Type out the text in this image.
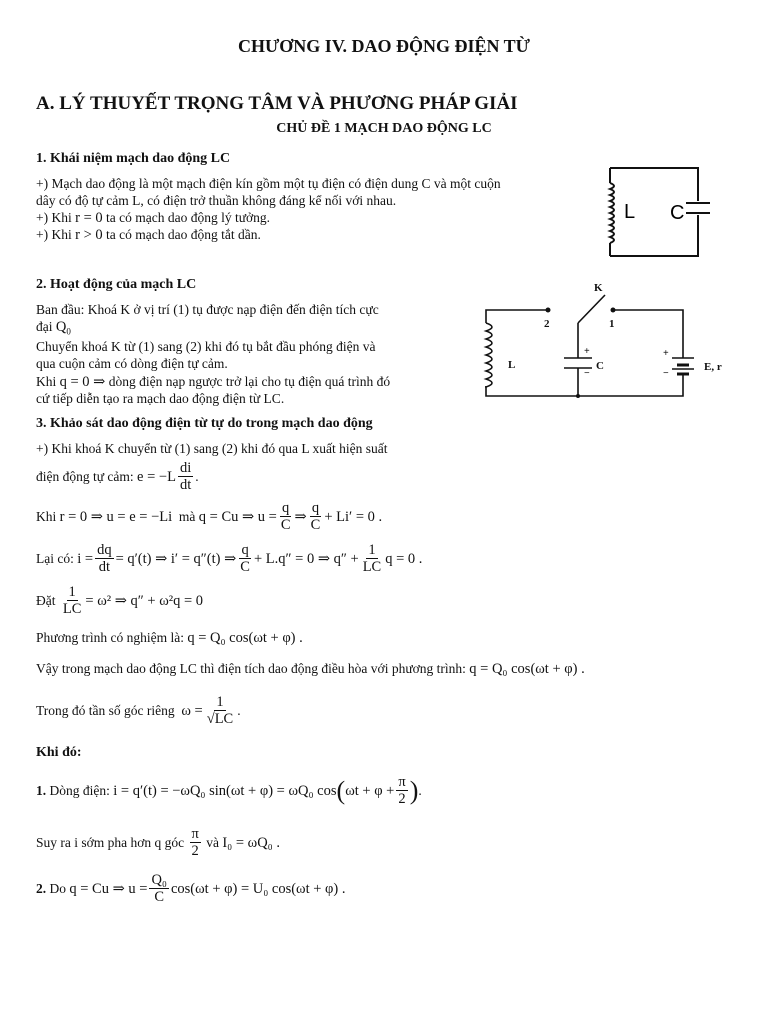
CHƯƠNG IV. DAO ĐỘNG ĐIỆN TỪ
A. LÝ THUYẾT TRỌNG TÂM VÀ PHƯƠNG PHÁP GIẢI
CHỦ ĐỀ 1 MẠCH DAO ĐỘNG LC
1. Khái niệm mạch dao động LC
+) Mạch dao động là một mạch điện kín gồm một tụ điện có điện dung C và một cuộn
dây có độ tự cảm L, có điện trở thuần không đáng kể nối với nhau.
+) Khi r = 0 ta có mạch dao động lý tưởng.
+) Khi r > 0 ta có mạch dao động tắt dần.
L C
2. Hoạt động của mạch LC
Ban đầu: Khoá K ở vị trí (1) tụ được nạp điện đến điện tích cực
đại $Q_0$
Chuyển khoá K từ (1) sang (2) khi đó tụ bắt đầu phóng điện và
qua cuộn cảm có dòng điện tự cảm.
Khi q = 0 ⇒ dòng điện nạp ngược trở lại cho tụ điện quá trình đó
cứ tiếp diễn tạo ra mạch dao động điện từ LC.
K
2	1
L	C	E, r
+
−
+
−
3. Khảo sát dao động điện từ tự do trong mạch dao động
+) Khi khoá K chuyển từ (1) sang (2) khi đó qua L xuất hiện suất
điện động tự cảm:
$e = -L \frac{di}{dt}$ .
Khi
r = 0 ⇒ u = e = −Li
mà
q = Cu ⇒ $u = \frac{q}{C}$ ⇒ $\frac{q}{C} + Li' = 0$ .
Lại có:
$i = \frac{dq}{dt} = q'(t)$ ⇒ i′ = q″(t) ⇒ $\frac{q}{C} + L.q'' = 0$ ⇒ $q'' + \frac{1}{LC}$ q = 0 .
Đặt
$\frac{1}{LC} = \omega^2$ ⇒ q″ + ω²q = 0
Phương trình có nghiệm là: q = Q₀ cos(ωt + φ) .
Vậy trong mạch dao động LC thì điện tích dao động điều hòa với phương trình: q = Q₀ cos(ωt + φ) .
Trong đó tần số góc riêng
$\omega = \frac{1}{√LC}$ .
Khi đó:
1.
Dòng điện:
i = q′(t) = −ωQ₀ sin(ωt + φ) = ωQ₀ cos ( $\omega t + \varphi + \frac{\pi}{2}$ ) .
Suy ra i sớm pha hơn q góc
$\frac{\pi}{2}$
và
I₀ = ωQ₀ .
2.
Do
q = Cu ⇒ $u = \frac{\text{Q₀}}{C} \cos(\omega t + \varphi) = U_0$ cos(ωt + φ) .
